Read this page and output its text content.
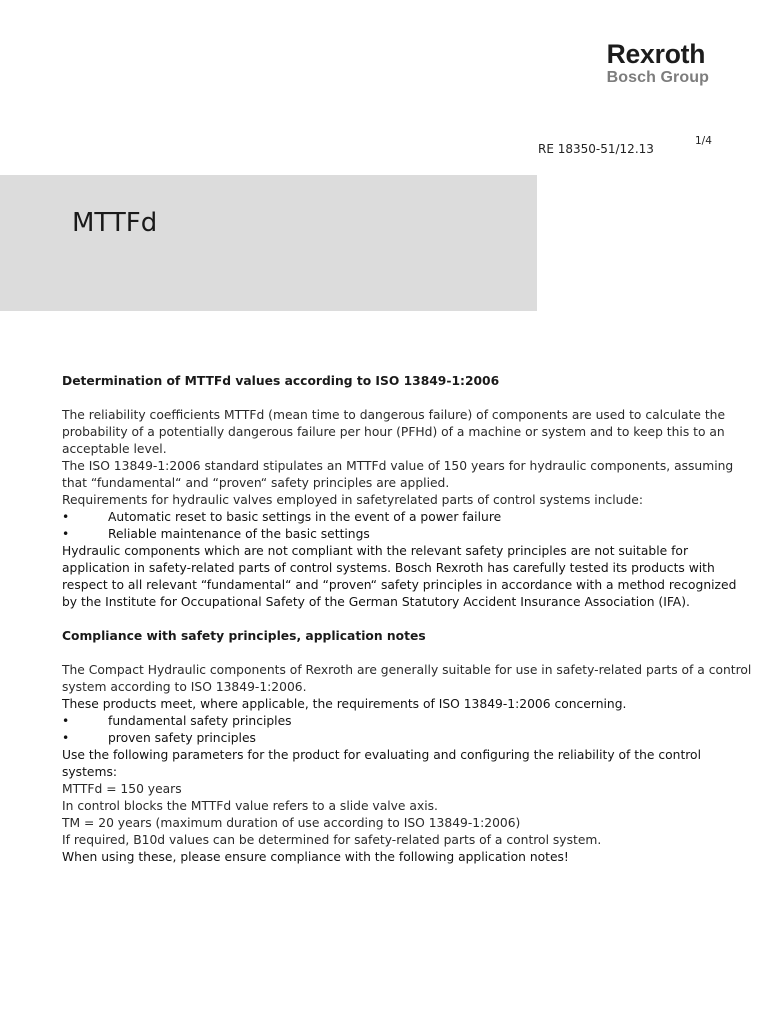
Rexroth
Bosch Group
1/4
RE 18350-51/12.13
MTTFd

Determination of MTTFd values according to ISO 13849-1:2006

The reliability coefficients MTTFd (mean time to dangerous failure) of components are used to calculate the probability of a potentially dangerous failure per hour (PFHd) of a machine or system and to keep this to an acceptable level.

The ISO 13849-1:2006 standard stipulates an MTTFd value of 150 years for hydraulic components, assuming that “fundamental“ and “proven“ safety principles are applied.

Requirements for hydraulic valves employed in safetyrelated parts of control systems include:

•	Automatic reset to basic settings in the event of a power failure
•	Reliable maintenance of the basic settings

Hydraulic components which are not compliant with the relevant safety principles are not suitable for application in safety-related parts of control systems. Bosch Rexroth has carefully tested its products with respect to all relevant “fundamental“ and “proven“ safety principles in accordance with a method recognized by the Institute for Occupational Safety of the German Statutory Accident Insurance Association (IFA).

Compliance with safety principles, application notes

The Compact Hydraulic components of Rexroth are generally suitable for use in safety-related parts of a control system according to ISO 13849-1:2006.

These products meet, where applicable, the requirements of ISO 13849-1:2006 concerning.

•	fundamental safety principles
•	proven safety principles

Use the following parameters for the product for evaluating and configuring the reliability of the control systems:

MTTFd = 150 years

In control blocks the MTTFd value refers to a slide valve axis.

TM = 20 years (maximum duration of use according to ISO 13849-1:2006)

If required, B10d values can be determined for safety-related parts of a control system.

When using these, please ensure compliance with the following application notes!
